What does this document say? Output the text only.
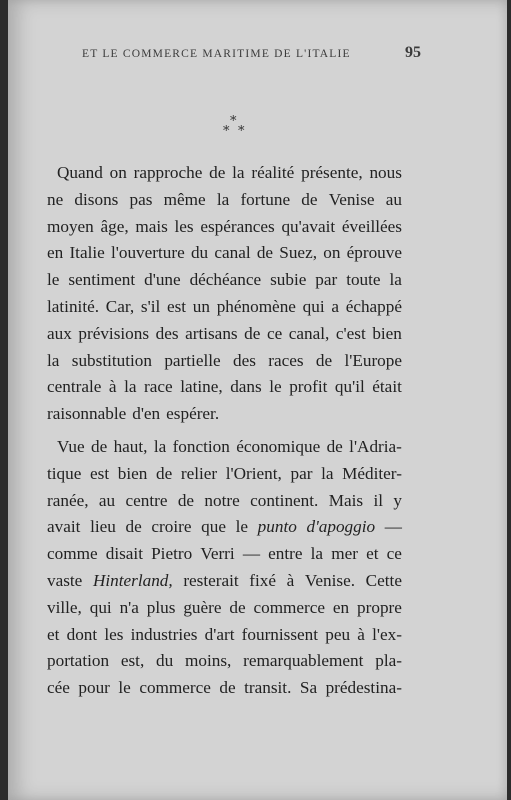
ET LE COMMERCE MARITIME DE L'ITALIE	95
*
* *
Quand on rapproche de la réalité présente, nous
ne disons pas même la fortune de Venise au
moyen âge, mais les espérances qu'avait éveillées
en Italie l'ouverture du canal de Suez, on éprouve
le sentiment d'une déchéance subie par toute la
latinité. Car, s'il est un phénomène qui a échappé
aux prévisions des artisans de ce canal, c'est bien
la substitution partielle des races de l'Europe
centrale à la race latine, dans le profit qu'il était
raisonnable d'en espérer.
Vue de haut, la fonction économique de l'Adria-
tique est bien de relier l'Orient, par la Méditer-
ranée, au centre de notre continent. Mais il y
avait lieu de croire que le punto d'apoggio —
comme disait Pietro Verri — entre la mer et ce
vaste Hinterland, resterait fixé à Venise. Cette
ville, qui n'a plus guère de commerce en propre
et dont les industries d'art fournissent peu à l'ex-
portation est, du moins, remarquablement pla-
cée pour le commerce de transit. Sa prédestina-
